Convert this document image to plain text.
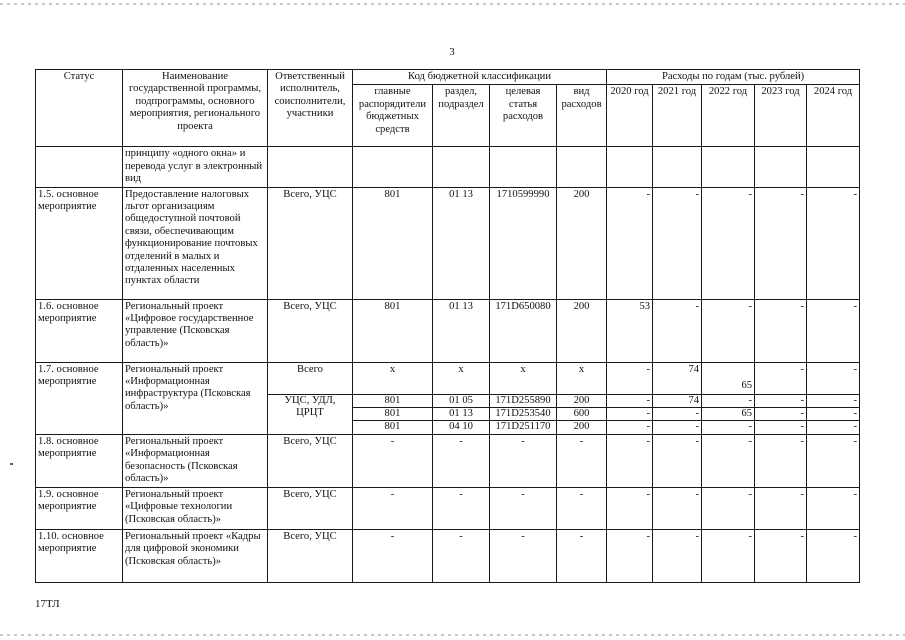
3
Статус	Наименование государственной программы, подпрограммы, основного мероприятия, регионального проекта	Ответственный исполнитель, соисполнители, участники	Код бюджетной классификации				Расходы по годам (тыс. рублей)				
			главные распорядители бюджетных средств	раздел, подраздел	целевая статья расходов	вид расходов	2020 год	2021 год	2022 год	2023 год	2024 год
	принципу «одного окна» и перевода услуг в электронный вид										
1.5. основное мероприятие	Предоставление налоговых льгот организациям общедоступной почтовой связи, обеспечивающим функционирование почтовых отделений в малых и отдаленных населенных пунктах области	Всего, УЦС	801	01 13	1710599990	200	-	-	-	-	-
1.6. основное мероприятие	Региональный проект «Цифровое государственное управление (Псковская область)»	Всего, УЦС	801	01 13	171D650080	200	53	-	-	-	-
1.7. основное мероприятие	Региональный проект «Информационная инфраструктура (Псковская область)»	Всего	x	x	x	x	-	74	65	-	-
		УЦС, УДЛ, ЦРЦТ	801	01 05	171D255890	200	-	74	-	-	-
			801	01 13	171D253540	600	-	-	65	-	-
			801	04 10	171D251170	200	-	-	-	-	-
1.8. основное мероприятие	Региональный проект «Информационная безопасность (Псковская область)»	Всего, УЦС	-	-	-	-	-	-	-	-	-
1.9. основное мероприятие	Региональный проект «Цифровые технологии (Псковская область)»	Всего, УЦС	-	-	-	-	-	-	-	-	-
1.10. основное мероприятие	Региональный проект «Кадры для цифровой экономики (Псковская область)»	Всего, УЦС	-	-	-	-	-	-	-	-	-
17ТЛ
